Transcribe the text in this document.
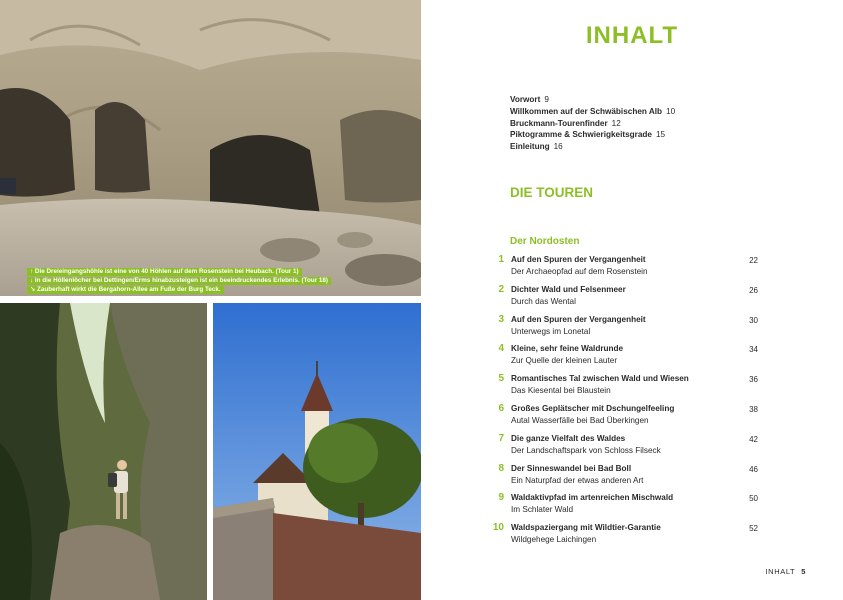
↑ Die Dreieingangshöhle ist eine von 40 Höhlen auf dem Rosenstein bei Heubach. (Tour 1)
↓ In die Höllenlöcher bei Dettingen/Erms hinabzusteigen ist ein beeindruckendes Erlebnis. (Tour 18)
↘ Zauberhaft wirkt die Bergahorn-Allee am Fuße der Burg Teck.
INHALT
Vorwort 9
Willkommen auf der Schwäbischen Alb 10
Bruckmann-Tourenfinder 12
Piktogramme & Schwierigkeitsgrade 15
Einleitung 16
DIE TOUREN
Der Nordosten
1 Auf den Spuren der Vergangenheit
Der Archaeopfad auf dem Rosenstein
22
2 Dichter Wald und Felsenmeer
Durch das Wental
26
3 Auf den Spuren der Vergangenheit
Unterwegs im Lonetal
30
4 Kleine, sehr feine Waldrunde
Zur Quelle der kleinen Lauter
34
5 Romantisches Tal zwischen Wald und Wiesen
Das Kiesental bei Blaustein
36
6 Großes Geplätscher mit Dschungelfeeling
Autal Wasserfälle bei Bad Überkingen
38
7 Die ganze Vielfalt des Waldes
Der Landschaftspark von Schloss Filseck
42
8 Der Sinneswandel bei Bad Boll
Ein Naturpfad der etwas anderen Art
46
9 Waldaktivpfad im artenreichen Mischwald
Im Schlater Wald
50
10 Waldspaziergang mit Wildtier-Garantie
Wildgehege Laichingen
52
INHALT 5
